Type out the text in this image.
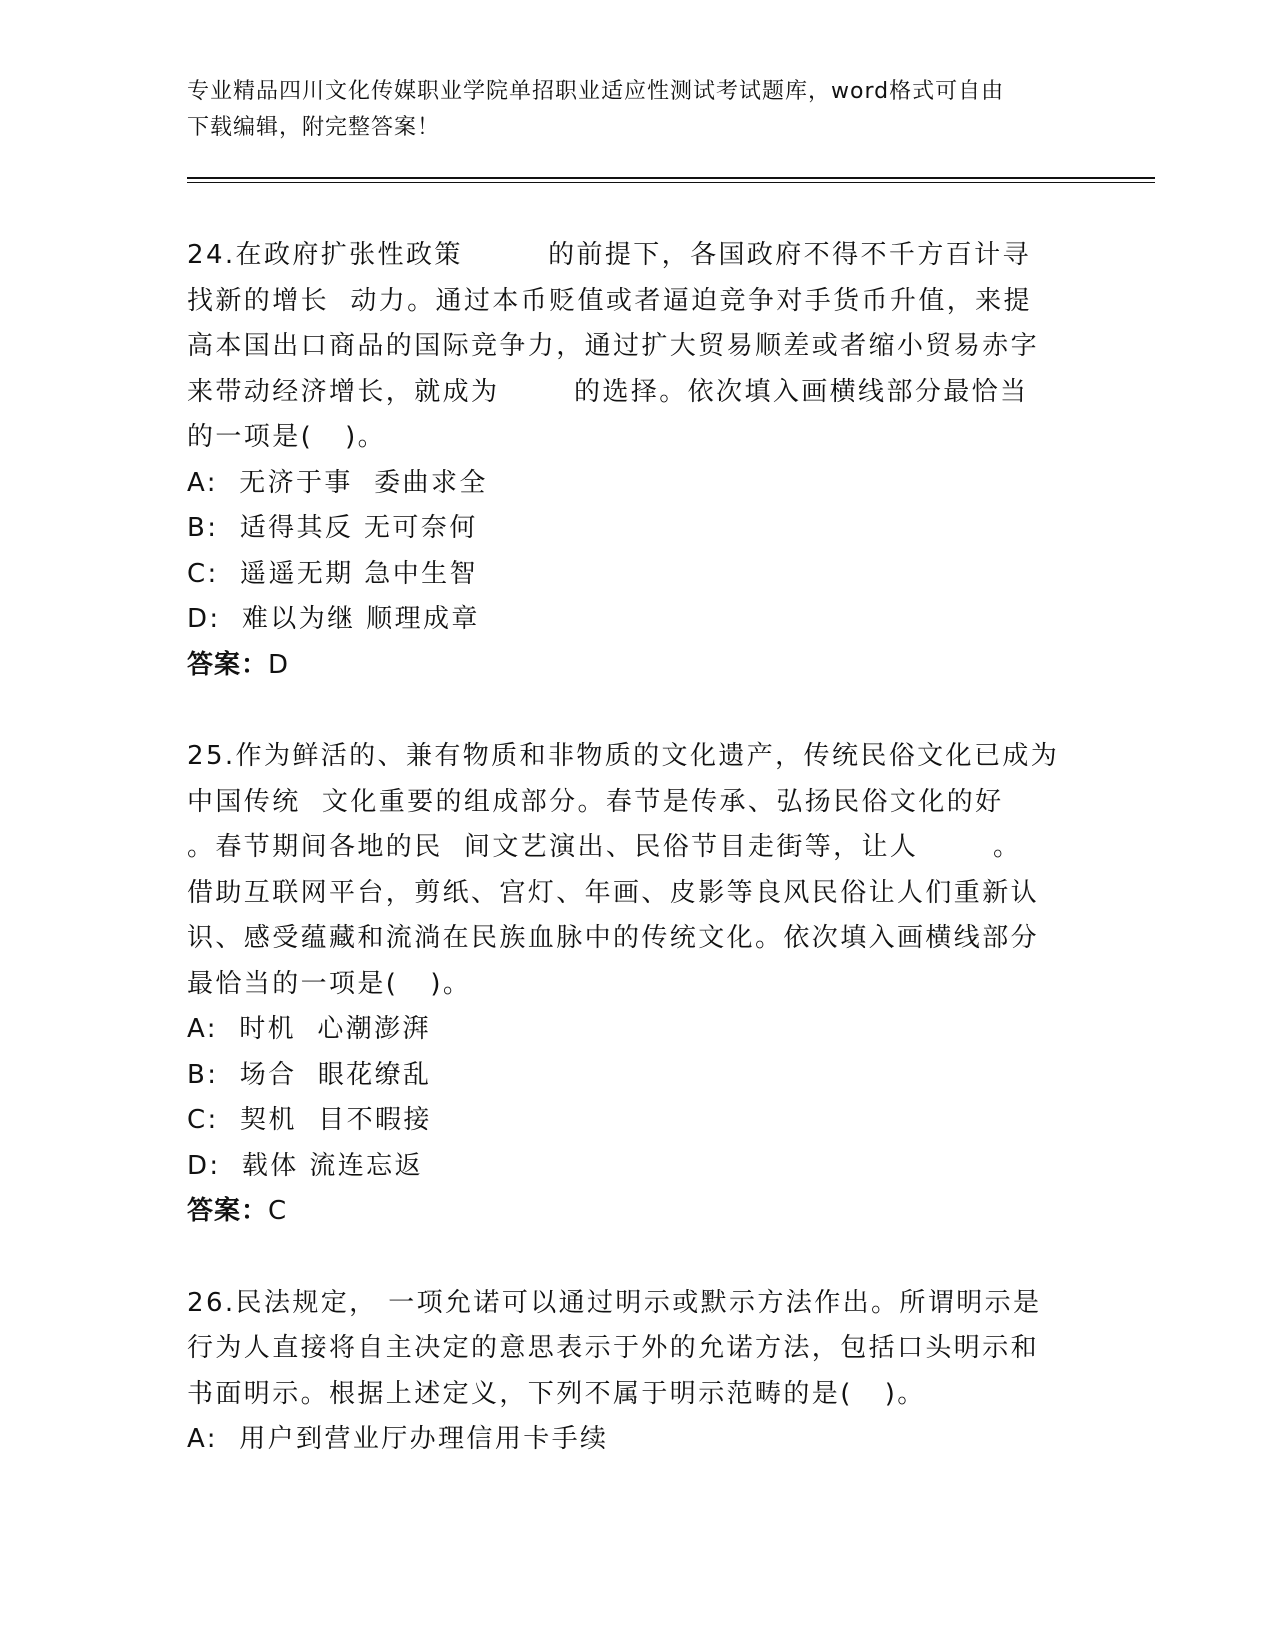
专业精品四川文化传媒职业学院单招职业适应性测试考试题库，word格式可自由
下载编辑，附完整答案！
24.在政府扩张性政策        的前提下，各国政府不得不千方百计寻
找新的增长  动力。通过本币贬值或者逼迫竞争对手货币升值，来提
高本国出口商品的国际竞争力，通过扩大贸易顺差或者缩小贸易赤字
来带动经济增长，就成为       的选择。依次填入画横线部分最恰当
的一项是(   )。
A:  无济于事  委曲求全
B:  适得其反 无可奈何
C:  遥遥无期 急中生智
D:  难以为继 顺理成章
答案：D
25.作为鲜活的、兼有物质和非物质的文化遗产，传统民俗文化已成为
中国传统  文化重要的组成部分。春节是传承、弘扬民俗文化的好
。春节期间各地的民  间文艺演出、民俗节目走街等，让人       。
借助互联网平台，剪纸、宫灯、年画、皮影等良风民俗让人们重新认
识、感受蕴藏和流淌在民族血脉中的传统文化。依次填入画横线部分
最恰当的一项是(   )。
A:  时机  心潮澎湃
B:  场合  眼花缭乱
C:  契机  目不暇接
D:  载体 流连忘返
答案：C
26.民法规定， 一项允诺可以通过明示或默示方法作出。所谓明示是
行为人直接将自主决定的意思表示于外的允诺方法，包括口头明示和
书面明示。根据上述定义，下列不属于明示范畴的是(   )。
A:  用户到营业厅办理信用卡手续
